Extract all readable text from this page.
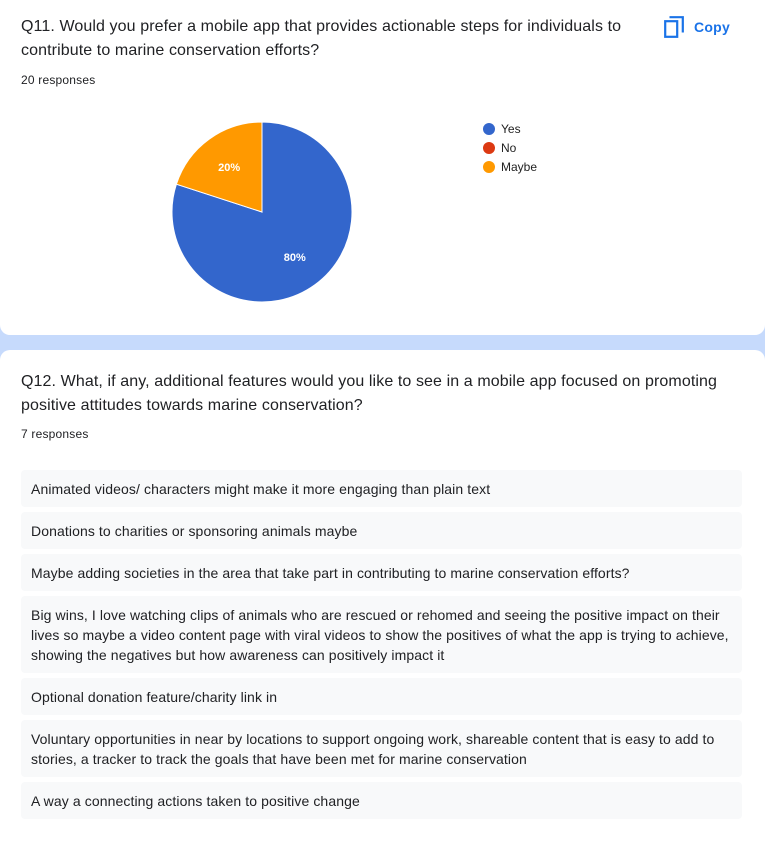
Q11. Would you prefer a mobile app that provides actionable steps for individuals to contribute to marine conservation efforts?
20 responses
Copy
80%
20%
Yes
No
Maybe
Q12. What, if any, additional features would you like to see in a mobile app focused on promoting positive attitudes towards marine conservation?
7 responses
Animated videos/ characters might make it more engaging than plain text
Donations to charities or sponsoring animals maybe
Maybe adding societies in the area that take part in contributing to marine conservation efforts?
Big wins, I love watching clips of animals who are rescued or rehomed and seeing the positive impact on their lives so maybe a video content page with viral videos to show the positives of what the app is trying to achieve, showing the negatives but how awareness can positively impact it
Optional donation feature/charity link in
Voluntary opportunities in near by locations to support ongoing work, shareable content that is easy to add to stories, a tracker to track the goals that have been met for marine conservation
A way a connecting actions taken to positive change
